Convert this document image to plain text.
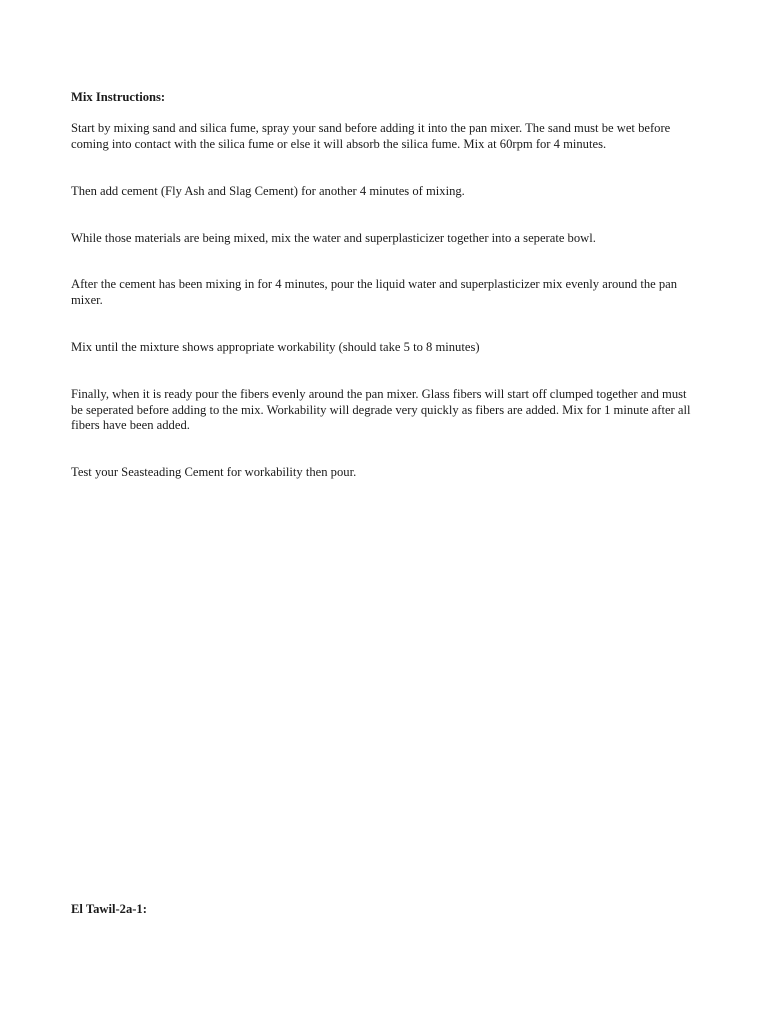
Mix Instructions:

Start by mixing sand and silica fume, spray your sand before adding it into the pan mixer. The sand must be wet before coming into contact with the silica fume or else it will absorb the silica fume. Mix at 60rpm for 4 minutes.

Then add cement (Fly Ash and Slag Cement) for another 4 minutes of mixing.

While those materials are being mixed, mix the water and superplasticizer together into a seperate bowl.

After the cement has been mixing in for 4 minutes, pour the liquid water and superplasticizer mix evenly around the pan mixer.

Mix until the mixture shows appropriate workability (should take 5 to 8 minutes)

Finally, when it is ready pour the fibers evenly around the pan mixer. Glass fibers will start off clumped together and must be seperated before adding to the mix. Workability will degrade very quickly as fibers are added. Mix for 1 minute after all fibers have been added.

Test your Seasteading Cement for workability then pour.

El Tawil-2a-1:
